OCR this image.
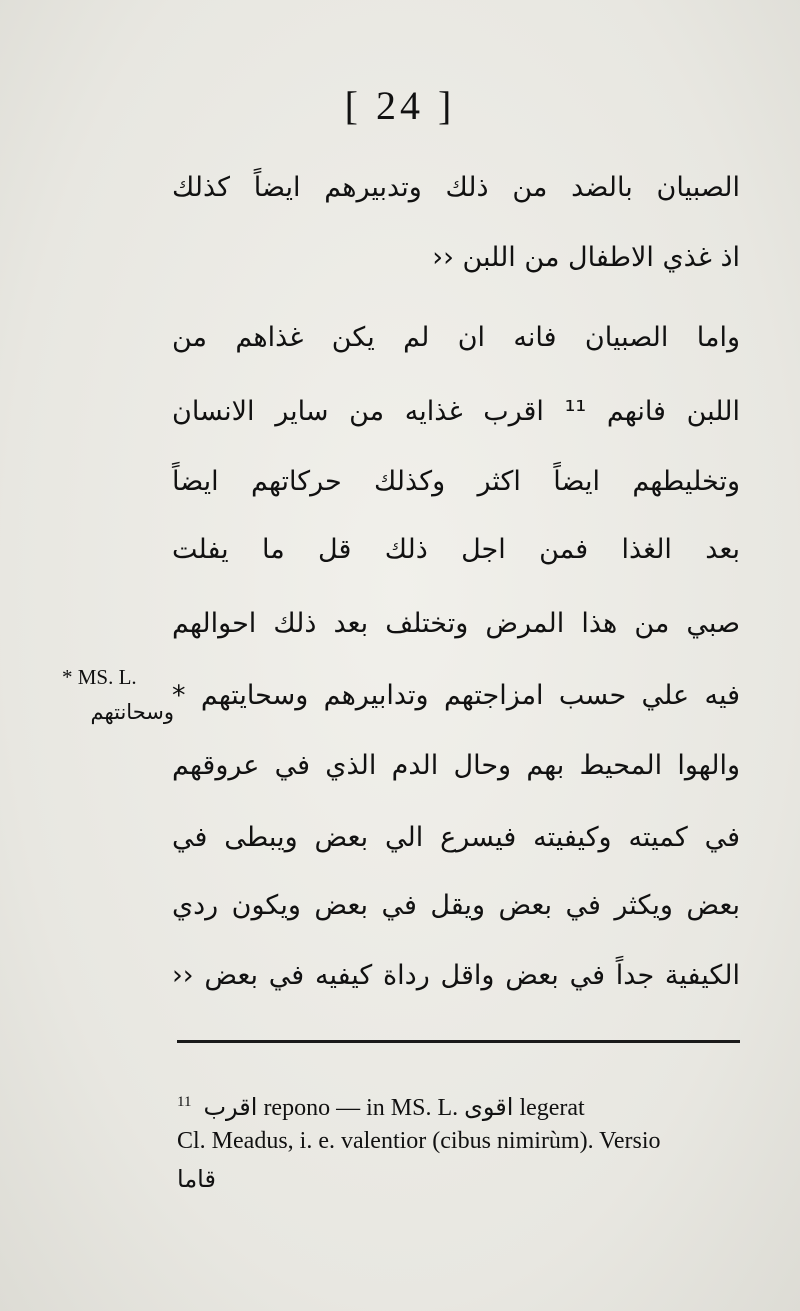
[ 24 ]
الصبيان بالضد من ذلك وتدبيرهم ايضاً كذلك
اذ غذي الاطفال من اللبن ‹‹
واما الصبيان فانه ان لم يكن غذاهم من
اللبن فانهم ¹¹ اقرب غذايه من ساير الانسان
وتخليطهم ايضاً اكثر وكذلك حركاتهم ايضاً
بعد الغذا فمن اجل ذلك قل ما يفلت
صبي من هذا المرض وتختلف بعد ذلك احوالهم
فيه علي حسب امزاجتهم وتدابيرهم وسحايتهم *
والهوا المحيط بهم وحال الدم الذي في عروقهم
في كميته وكيفيته فيسرع الي بعض ويبطى في
بعض ويكثر في بعض ويقل في بعض ويكون ردي
الكيفية جداً في بعض واقل رداة كيفيه في بعض ‹‹
* MS. L.
وسحانتهم
$^{11}$ اقرب repono — in MS. L. اقوى legerat
Cl. Meadus, i. e. valentior (cibus nimirùm). Versio
قاما
